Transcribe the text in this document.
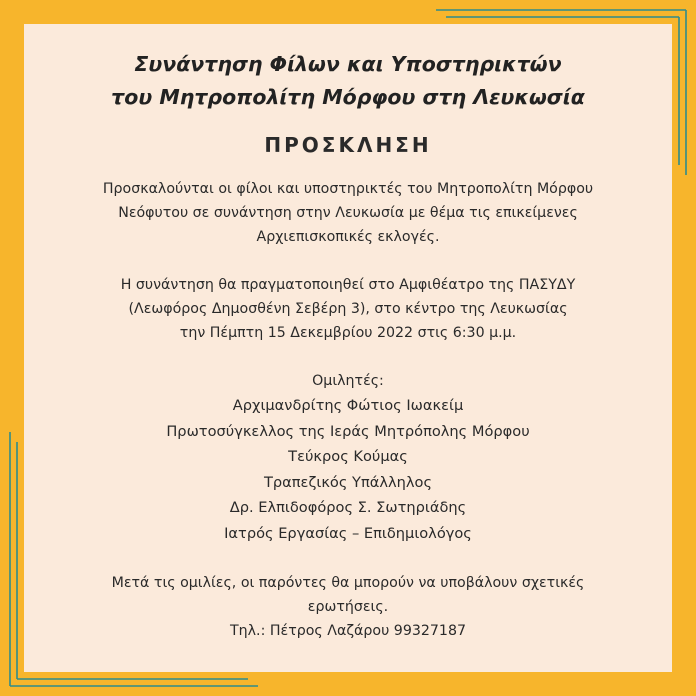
Συνάντηση Φίλων και Υποστηρικτών
του Μητροπολίτη Μόρφου στη Λευκωσία
ΠΡΟΣΚΛΗΣΗ
Προσκαλούνται οι φίλοι και υποστηρικτές του Μητροπολίτη Μόρφου
Νεόφυτου σε συνάντηση στην Λευκωσία με θέμα τις επικείμενες
Αρχιεπισκοπικές εκλογές.
Η συνάντηση θα πραγματοποιηθεί στο Αμφιθέατρο της ΠΑΣΥΔΥ
(Λεωφόρος Δημοσθένη Σεβέρη 3), στο κέντρο της Λευκωσίας
την Πέμπτη 15 Δεκεμβρίου 2022 στις 6:30 μ.μ.
Ομιλητές:
Αρχιμανδρίτης Φώτιος Ιωακείμ
Πρωτοσύγκελλος της Ιεράς Μητρόπολης Μόρφου
Τεύκρος Κούμας
Τραπεζικός Υπάλληλος
Δρ. Ελπιδοφόρος Σ. Σωτηριάδης
Ιατρός Εργασίας – Επιδημιολόγος
Μετά τις ομιλίες, οι παρόντες θα μπορούν να υποβάλουν σχετικές
ερωτήσεις.
Τηλ.: Πέτρος Λαζάρου 99327187
